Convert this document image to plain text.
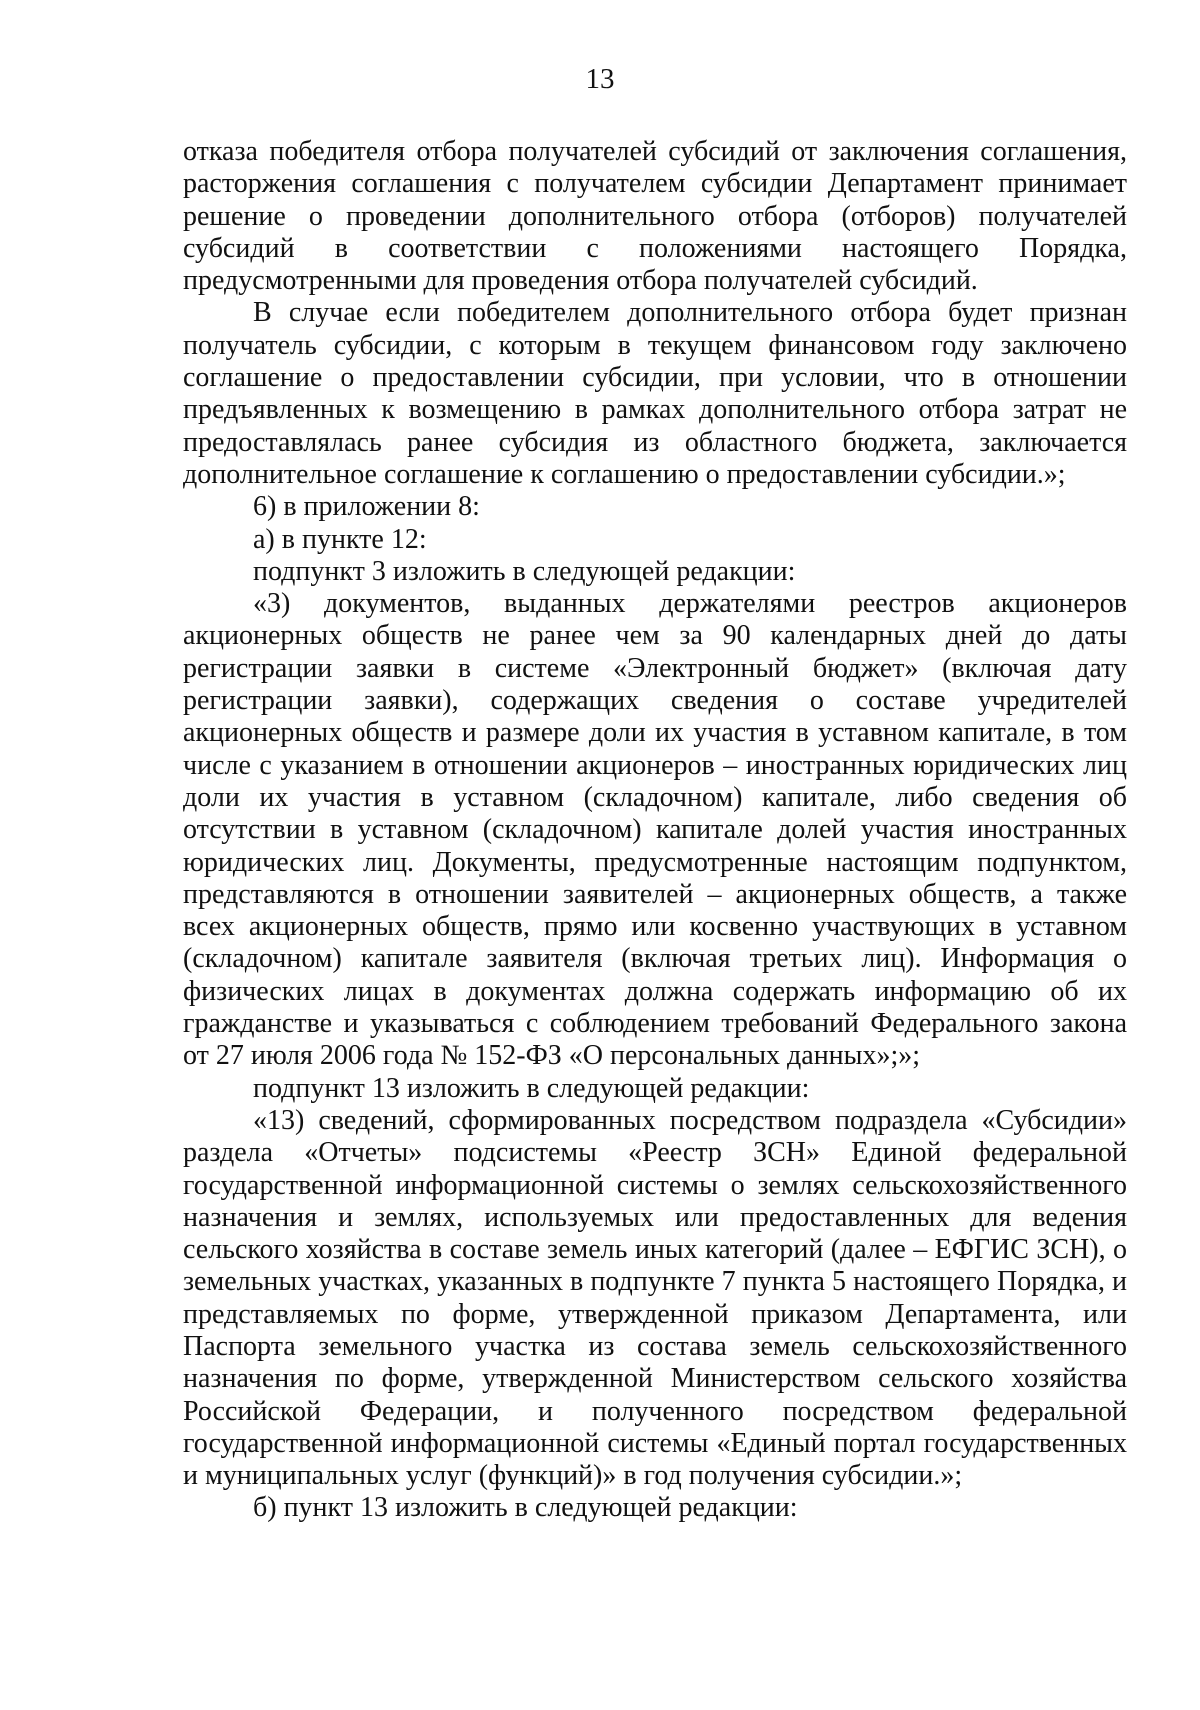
13

отказа победителя отбора получателей субсидий от заключения соглашения, расторжения соглашения с получателем субсидии Департамент принимает решение о проведении дополнительного отбора (отборов) получателей субсидий в соответствии с положениями настоящего Порядка, предусмотренными для проведения отбора получателей субсидий.

В случае если победителем дополнительного отбора будет признан получатель субсидии, с которым в текущем финансовом году заключено соглашение о предоставлении субсидии, при условии, что в отношении предъявленных к возмещению в рамках дополнительного отбора затрат не предоставлялась ранее субсидия из областного бюджета, заключается дополнительное соглашение к соглашению о предоставлении субсидии.»;

6) в приложении 8:

а) в пункте 12:

подпункт 3 изложить в следующей редакции:

«3) документов, выданных держателями реестров акционеров акционерных обществ не ранее чем за 90 календарных дней до даты регистрации заявки в системе «Электронный бюджет» (включая дату регистрации заявки), содержащих сведения о составе учредителей акционерных обществ и размере доли их участия в уставном капитале, в том числе с указанием в отношении акционеров – иностранных юридических лиц доли их участия в уставном (складочном) капитале, либо сведения об отсутствии в уставном (складочном) капитале долей участия иностранных юридических лиц. Документы, предусмотренные настоящим подпунктом, представляются в отношении заявителей – акционерных обществ, а также всех акционерных обществ, прямо или косвенно участвующих в уставном (складочном) капитале заявителя (включая третьих лиц). Информация о физических лицах в документах должна содержать информацию об их гражданстве и указываться с соблюдением требований Федерального закона от 27 июля 2006 года № 152-ФЗ «О персональных данных»;»;

подпункт 13 изложить в следующей редакции:

«13) сведений, сформированных посредством подраздела «Субсидии» раздела «Отчеты» подсистемы «Реестр ЗСН» Единой федеральной государственной информационной системы о землях сельскохозяйственного назначения и землях, используемых или предоставленных для ведения сельского хозяйства в составе земель иных категорий (далее – ЕФГИС ЗСН), о земельных участках, указанных в подпункте 7 пункта 5 настоящего Порядка, и представляемых по форме, утвержденной приказом Департамента, или Паспорта земельного участка из состава земель сельскохозяйственного назначения по форме, утвержденной Министерством сельского хозяйства Российской Федерации, и полученного посредством федеральной государственной информационной системы «Единый портал государственных и муниципальных услуг (функций)» в год получения субсидии.»;

б) пункт 13 изложить в следующей редакции:
